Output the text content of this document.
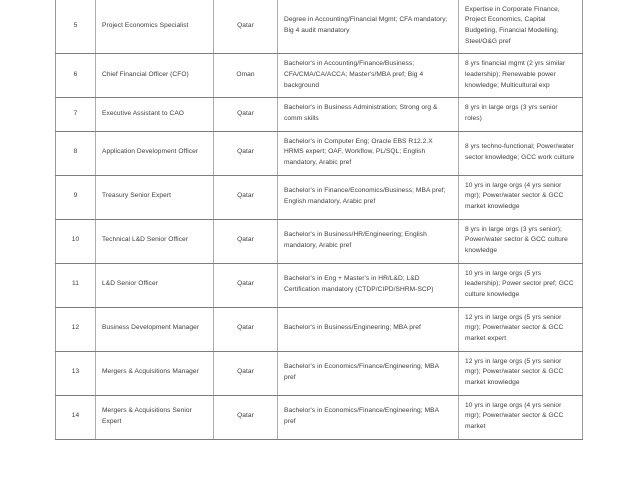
5	Project Economics Specialist	Qatar	Degree in Accounting/Financial Mgmt; CFA mandatory; Big 4 audit mandatory	Expertise in Corporate Finance, Project Economics, Capital Budgeting, Financial Modelling; Steel/O&G pref
6	Chief Financial Officer (CFO)	Oman	Bachelor's in Accounting/Finance/Business; CFA/CMA/CA/ACCA; Master's/MBA pref; Big 4 background	8 yrs financial mgmt (2 yrs similar leadership); Renewable power knowledge; Multicultural exp
7	Executive Assistant to CAO	Qatar	Bachelor's in Business Administration; Strong org & comm skills	8 yrs in large orgs (3 yrs senior roles)
8	Application Development Officer	Qatar	Bachelor's in Computer Eng; Oracle EBS R12.2.X HRMS expert; OAF, Workflow, PL/SQL; English mandatory, Arabic pref	8 yrs techno-functional; Power/water sector knowledge; GCC work culture
9	Treasury Senior Expert	Qatar	Bachelor's in Finance/Economics/Business; MBA pref; English mandatory, Arabic pref	10 yrs in large orgs (4 yrs senior mgr); Power/water sector & GCC market knowledge
10	Technical L&D Senior Officer	Qatar	Bachelor's in Business/HR/Engineering; English mandatory, Arabic pref	8 yrs in large orgs (3 yrs senior); Power/water sector & GCC culture knowledge
11	L&D Senior Officer	Qatar	Bachelor's in Eng + Master's in HR/L&D; L&D Certification mandatory (CTDP/CIPD/SHRM-SCP)	10 yrs in large orgs (5 yrs leadership); Power sector pref; GCC culture knowledge
12	Business Development Manager	Qatar	Bachelor's in Business/Engineering; MBA pref	12 yrs in large orgs (5 yrs senior mgr); Power/water sector & GCC market expert
13	Mergers & Acquisitions Manager	Qatar	Bachelor's in Economics/Finance/Engineering; MBA pref	12 yrs in large orgs (5 yrs senior mgr); Power/water sector & GCC market knowledge
14	Mergers & Acquisitions Senior Expert	Qatar	Bachelor's in Economics/Finance/Engineering; MBA pref	10 yrs in large orgs (4 yrs senior mgr); Power/water sector & GCC market
